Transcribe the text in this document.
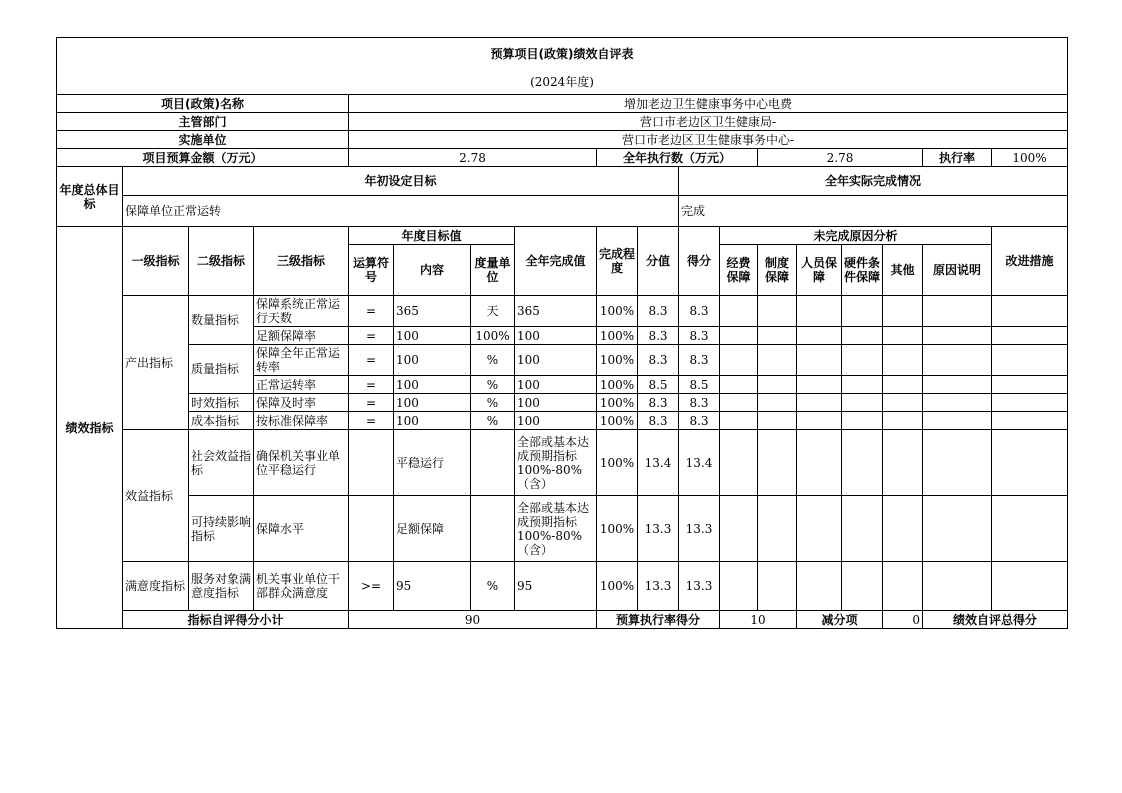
预算项目(政策)绩效自评表																		
(2024年度)																		
项目(政策)名称				增加老边卫生健康事务中心电费														
主管部门				营口市老边区卫生健康局-														
实施单位				营口市老边区卫生健康事务中心-														
项目预算金额（万元）				2.78				全年执行数（万元）				2.78				执行率	100%	
年度总体目标	年初设定目标									全年实际完成情况								
	保障单位正常运转									完成								
绩效指标	一级指标	二级指标	三级指标	年度目标值			全年完成值	完成程度	分值	得分	未完成原因分析						改进措施	
				运算符号	内容	度量单位					经费保障	制度保障	人员保障	硬件条件保障	其他	原因说明		
	产出指标	数量指标	保障系统正常运行天数	=	365	天	365	100%	8.3	8.3								
			足额保障率	=	100	100%	100	100%	8.3	8.3								
		质量指标	保障全年正常运转率	=	100	%	100	100%	8.3	8.3								
			正常运转率	=	100	%	100	100%	8.5	8.5								
		时效指标	保障及时率	=	100	%	100	100%	8.3	8.3								
		成本指标	按标准保障率	=	100	%	100	100%	8.3	8.3								
	效益指标	社会效益指标	确保机关事业单位平稳运行		平稳运行		全部或基本达成预期指标100%-80%（含）	100%	13.4	13.4								
		可持续影响指标	保障水平		足额保障		全部或基本达成预期指标100%-80%（含）	100%	13.3	13.3								
	满意度指标	服务对象满意度指标	机关事业单位干部群众满意度	>=	95	%	95	100%	13.3	13.3								
	指标自评得分小计			90				预算执行率得分			10		减分项		0	绩效自评总得分	
